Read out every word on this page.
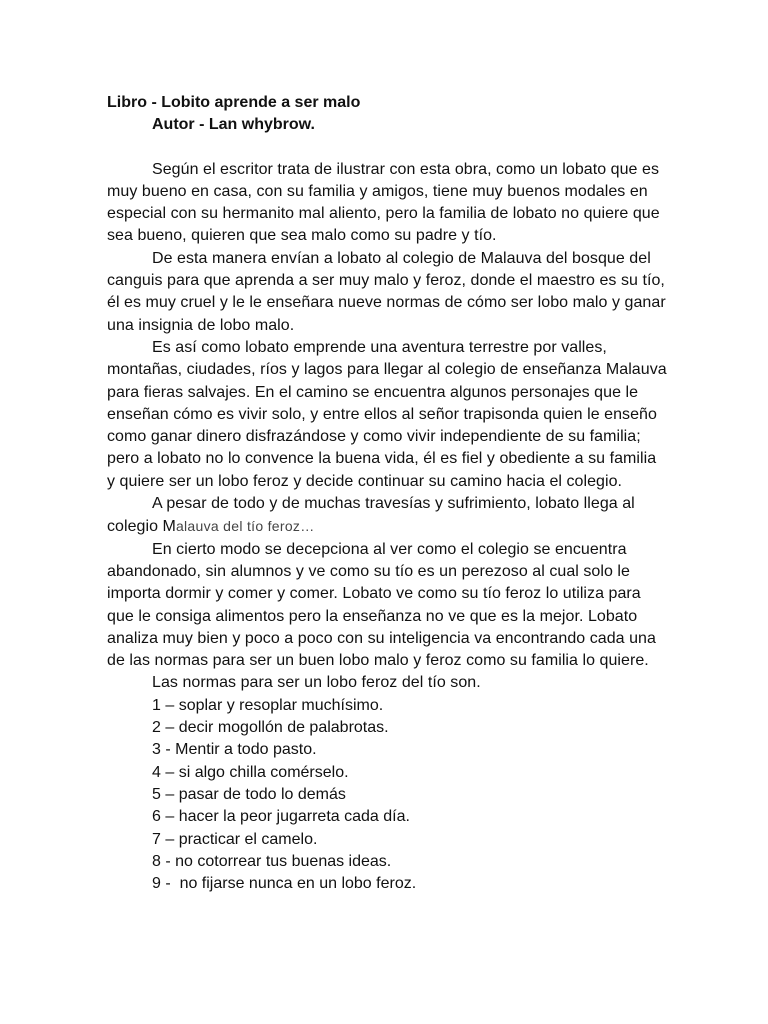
Libro - Lobito aprende a ser malo

Autor - Lan whybrow.

Según el escritor trata de ilustrar con esta obra, como un lobato que es muy bueno en casa, con su familia y amigos, tiene muy buenos modales en especial con su hermanito mal aliento, pero la familia de lobato no quiere que sea bueno, quieren que sea malo como su padre y tío.

De esta manera envían a lobato al colegio de Malauva del bosque del canguis para que aprenda a ser muy malo y feroz, donde el maestro es su tío, él es muy cruel y le le enseñara nueve normas de cómo ser lobo malo y ganar una insignia de lobo malo.

Es así como lobato emprende una aventura terrestre por valles, montañas, ciudades, ríos y lagos para llegar al colegio de enseñanza Malauva para fieras salvajes. En el camino se encuentra algunos personajes que le enseñan cómo es vivir solo, y entre ellos al señor trapisonda quien le enseño como ganar dinero disfrazándose y como vivir independiente de su familia; pero a lobato no lo convence la buena vida, él es fiel y obediente a su familia y quiere ser un lobo feroz y decide continuar su camino hacia el colegio.

A pesar de todo y de muchas travesías y sufrimiento, lobato llega al colegio Malauva del tío feroz…

En cierto modo se decepciona al ver como el colegio se encuentra abandonado, sin alumnos y ve como su tío es un perezoso al cual solo le importa dormir y comer y comer. Lobato ve como su tío feroz lo utiliza para que le consiga alimentos pero la enseñanza no ve que es la mejor. Lobato analiza muy bien y poco a poco con su inteligencia va encontrando cada una de las normas para ser un buen lobo malo y feroz como su familia lo quiere.

Las normas para ser un lobo feroz del tío son.

1 – soplar y resoplar muchísimo.
2 – decir mogollón de palabrotas.
3 - Mentir a todo pasto.
4 – si algo chilla comérselo.
5 – pasar de todo lo demás
6 – hacer la peor jugarreta cada día.
7 – practicar el camelo.
8 - no cotorrear tus buenas ideas.
9 -  no fijarse nunca en un lobo feroz.
